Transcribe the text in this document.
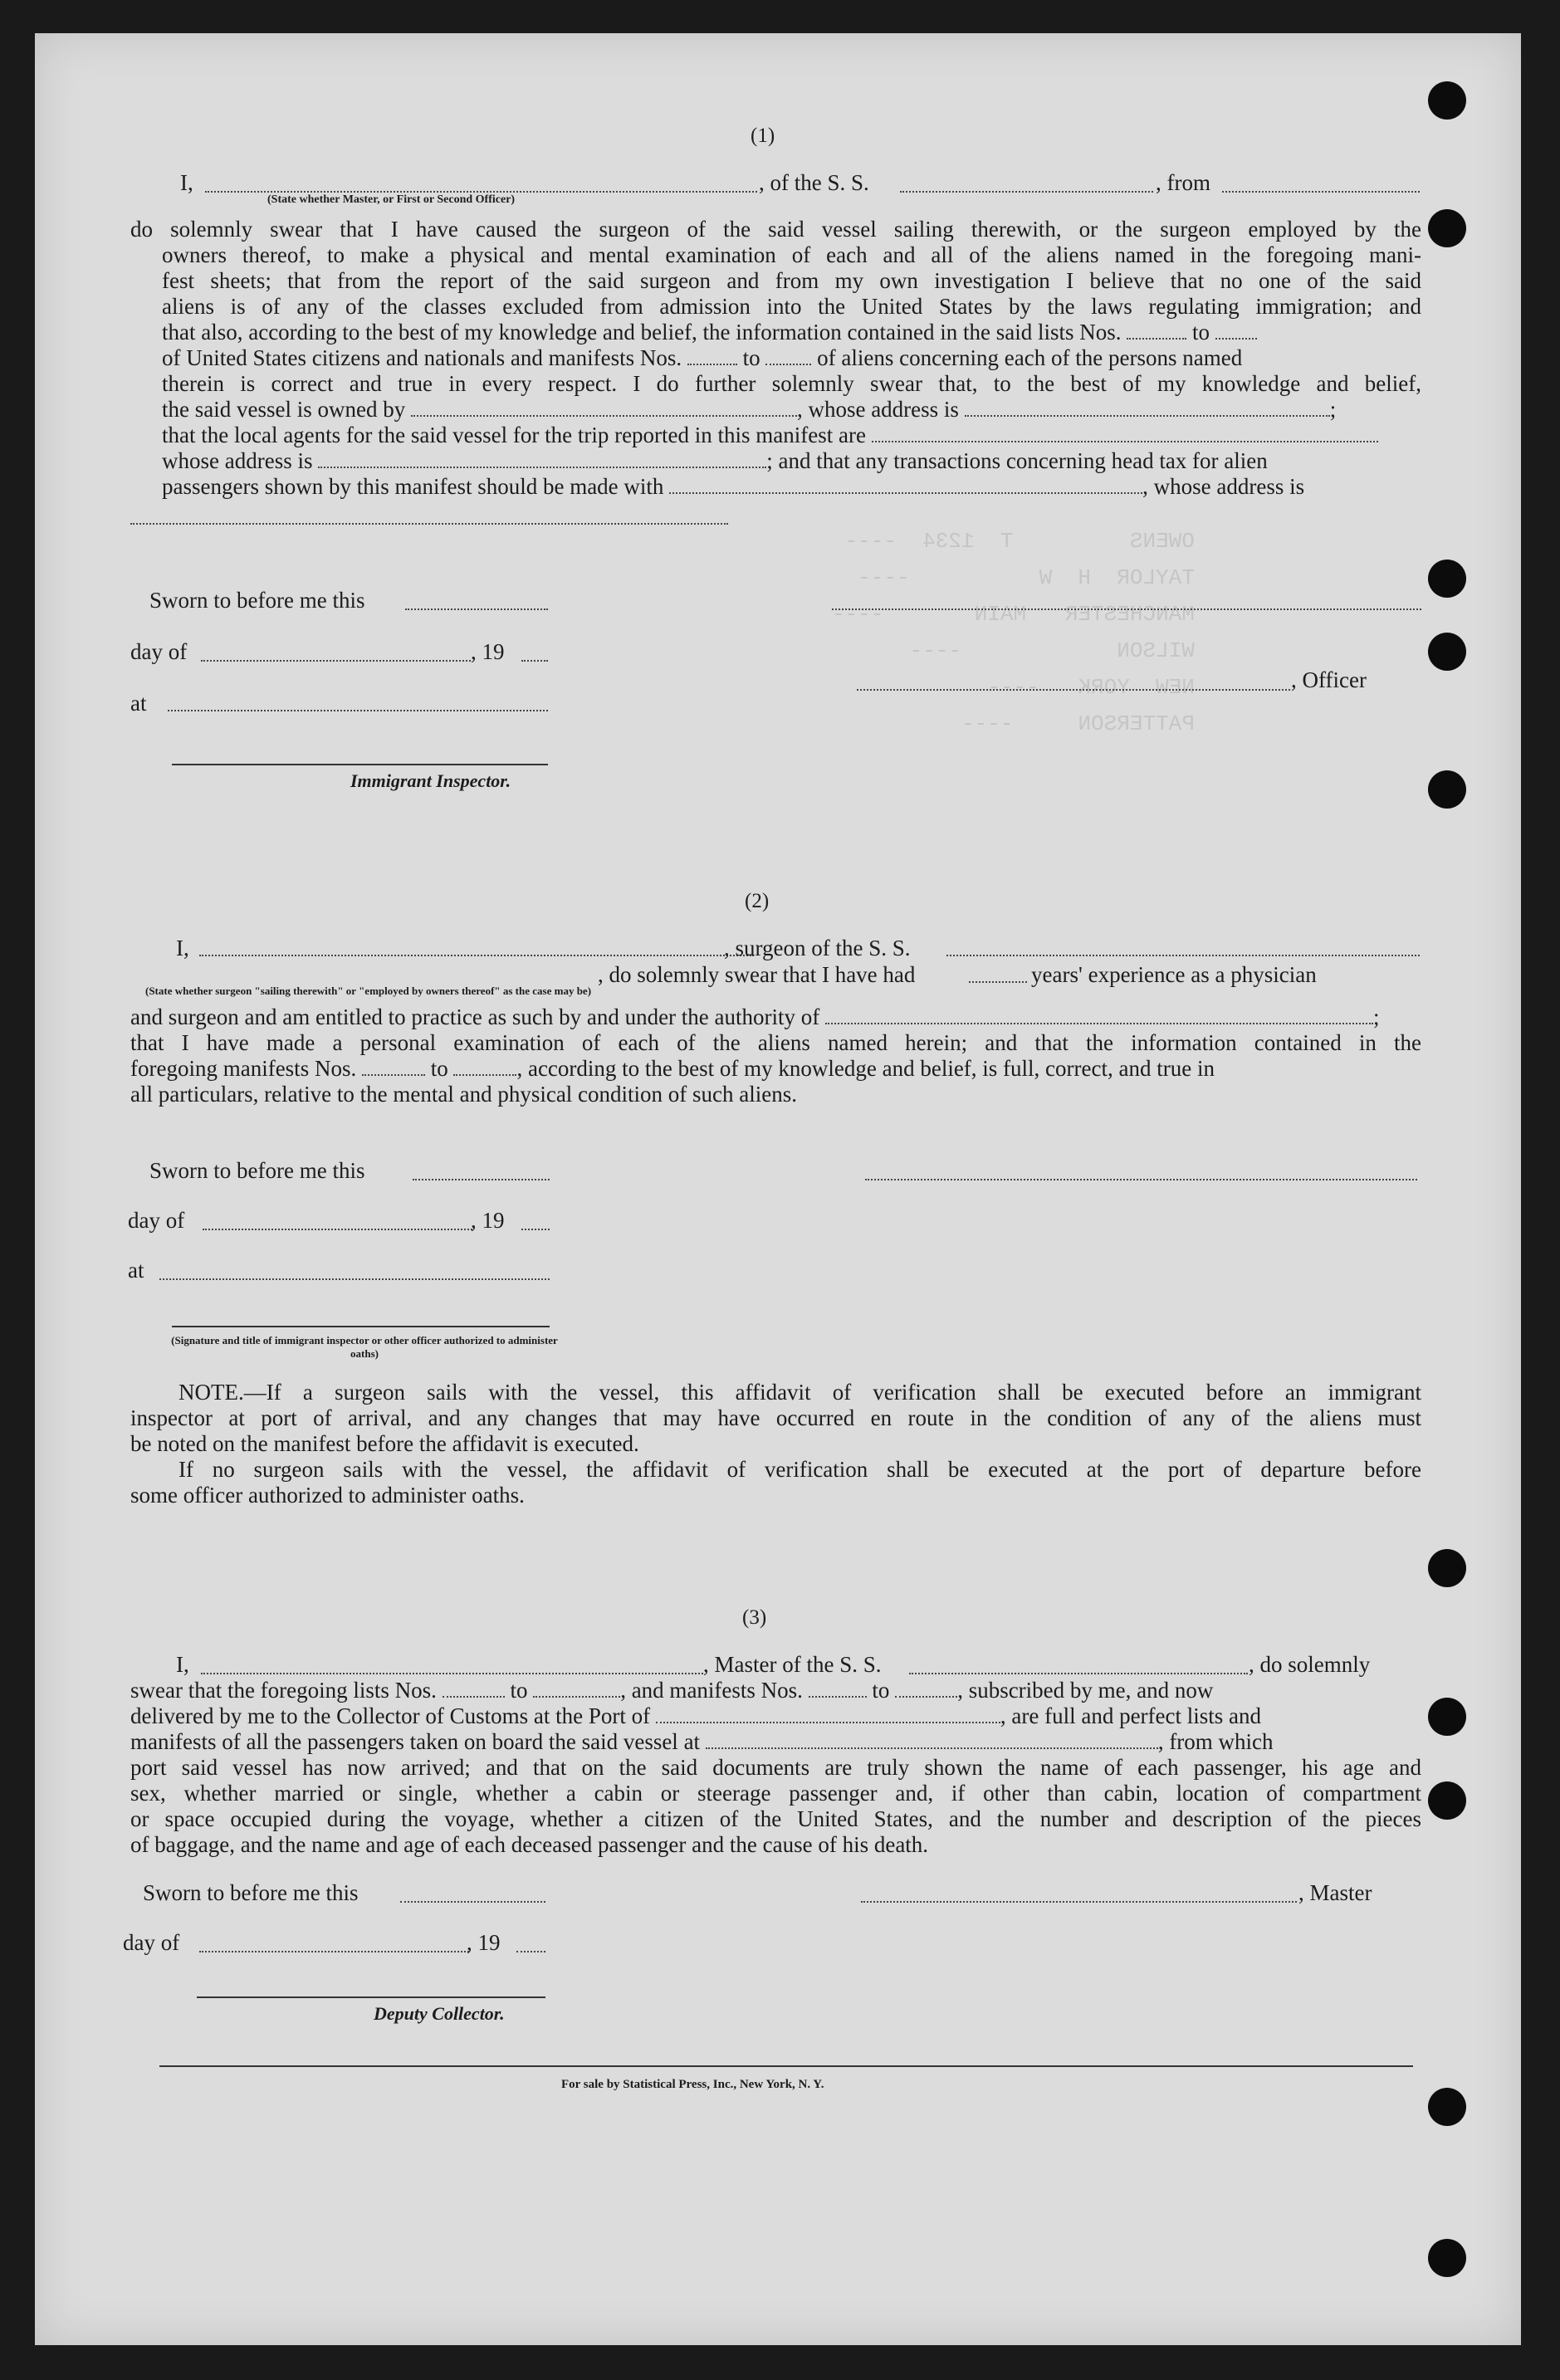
OWENS         T  1234  ----
TAYLOR  H  W          ----
MANCHESTER   MAIN       ----
WILSON            ----
NEW  YORK   ----
PATTERSON     ----
(1)
I,
(State whether Master, or First or Second Officer)
, of the S. S.	, from
do solemnly swear that I have caused the surgeon of the said vessel sailing therewith, or the surgeon employed by the
owners thereof, to make a physical and mental examination of each and all of the aliens named in the foregoing mani-
fest sheets; that from the report of the said surgeon and from my own investigation I believe that no one of the said
aliens is of any of the classes excluded from admission into the United States by the laws regulating immigration; and
that also, according to the best of my knowledge and belief, the information contained in the said lists Nos.	to
of United States citizens and nationals and manifests Nos.	to	of aliens concerning each of the persons named
therein is correct and true in every respect. I do further solemnly swear that, to the best of my knowledge and belief,
the said vessel is owned by	, whose address is	;
that the local agents for the said vessel for the trip reported in this manifest are
whose address is	; and that any transactions concerning head tax for alien
passengers shown by this manifest should be made with	, whose address is
Sworn to before me this
day of	, 19
at
, Officer
Immigrant Inspector.
(2)
I,	, surgeon of the S. S.
, do solemnly swear that I have had	years' experience as a physician
(State whether surgeon "sailing therewith" or "employed by owners thereof" as the case may be)
and surgeon and am entitled to practice as such by and under the authority of	;
that I have made a personal examination of each of the aliens named herein; and that the information contained in the
foregoing manifests Nos.	to	, according to the best of my knowledge and belief, is full, correct, and true in
all particulars, relative to the mental and physical condition of such aliens.
Sworn to before me this
day of	, 19
at
(Signature and title of immigrant inspector or other officer authorized to administer oaths)
NOTE.—If a surgeon sails with the vessel, this affidavit of verification shall be executed before an immigrant
inspector at port of arrival, and any changes that may have occurred en route in the condition of any of the aliens must
be noted on the manifest before the affidavit is executed.
If no surgeon sails with the vessel, the affidavit of verification shall be executed at the port of departure before
some officer authorized to administer oaths.
(3)
I,	, Master of the S. S.	, do solemnly
swear that the foregoing lists Nos.	to	, and manifests Nos.	to	, subscribed by me, and now
delivered by me to the Collector of Customs at the Port of	, are full and perfect lists and
manifests of all the passengers taken on board the said vessel at	, from which
port said vessel has now arrived; and that on the said documents are truly shown the name of each passenger, his age and
sex, whether married or single, whether a cabin or steerage passenger and, if other than cabin, location of compartment
or space occupied during the voyage, whether a citizen of the United States, and the number and description of the pieces
of baggage, and the name and age of each deceased passenger and the cause of his death.
Sworn to before me this	, Master
day of	, 19
Deputy Collector.
For sale by Statistical Press, Inc., New York, N. Y.
